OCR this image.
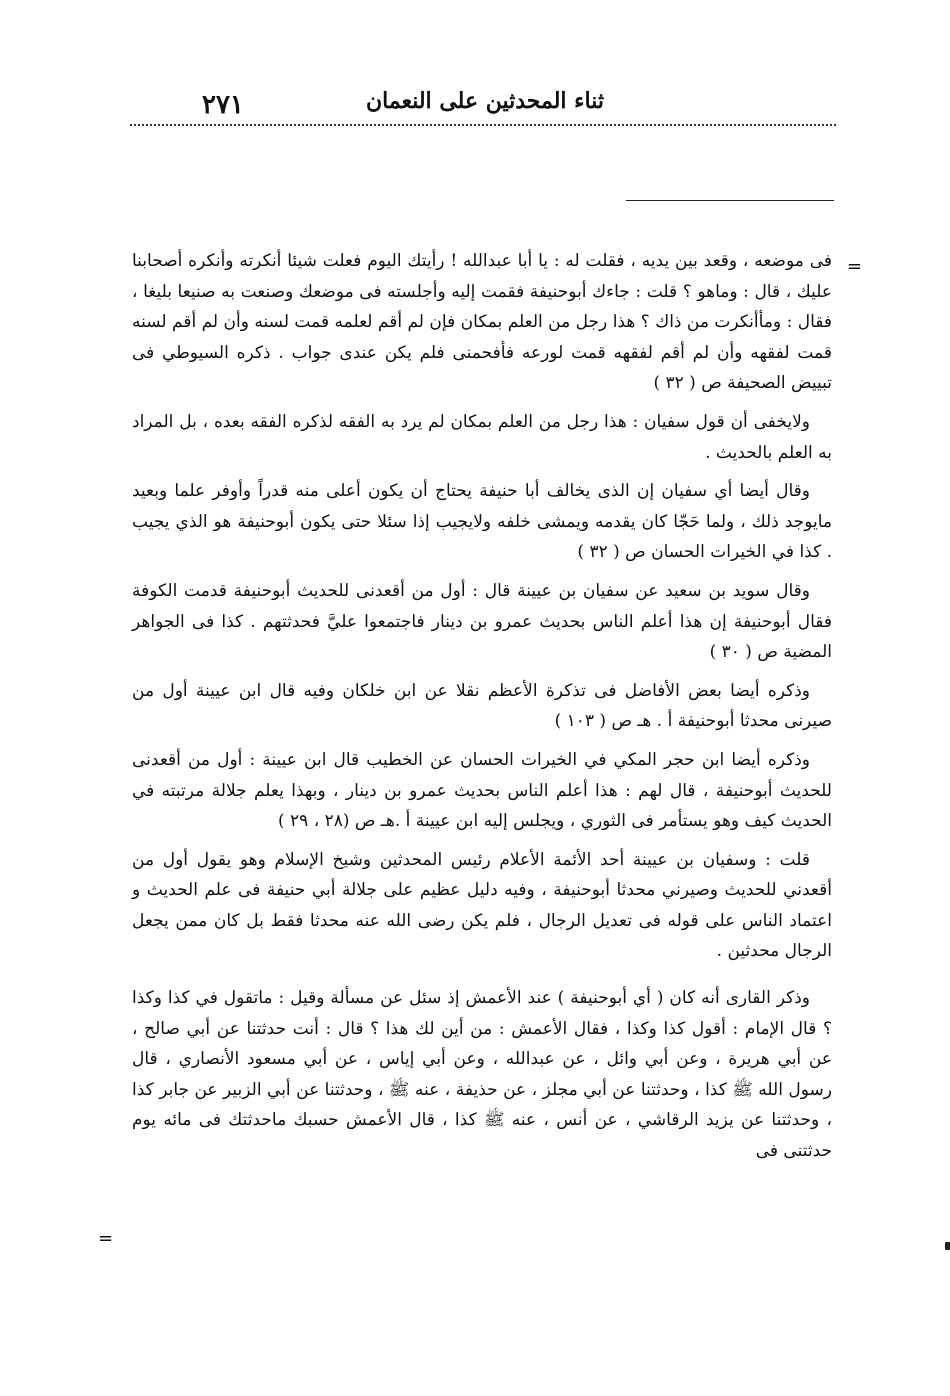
ثناء المحدثين على النعمان
٢٧١
=

فى موضعه ، وقعد بين يديه ، فقلت له : يا أبا عبدالله ! رأيتك اليوم فعلت شيئا أنكرته وأنكره أصحابنا عليك ، قال : وماهو ؟ قلت : جاءك أبوحنيفة فقمت إليه وأجلسته فى موضعك وصنعت به صنيعا بليغا ، فقال : ومأأنكرت من ذاك ؟ هذا رجل من العلم بمكان فإن لم أقم لعلمه قمت لسنه وأن لم أقم لسنه قمت لفقهه وأن لم أقم لفقهه قمت لورعه فأفحمنى فلم يكن عندى جواب . ذكره السيوطي فى تبييض الصحيفة ص ( ٣٢ )

ولايخفى أن قول سفيان : هذا رجل من العلم بمكان لم يرد به الفقه لذكره الفقه بعده ، بل المراد به العلم بالحديث .

وقال أيضا أي سفيان إن الذى يخالف أبا حنيفة يحتاج أن يكون أعلى منه قدراً وأوفر علما وبعيد مايوجد ذلك ، ولما حَجّا كان يقدمه ويمشى خلفه ولايجيب إذا سئلا حتى يكون أبوحنيفة هو الذي يجيب . كذا في الخيرات الحسان ص ( ٣٢ )

وقال سويد بن سعيد عن سفيان بن عيينة قال : أول من أقعدنى للحديث أبوحنيفة قدمت الكوفة فقال أبوحنيفة إن هذا أعلم الناس بحديث عمرو بن دينار فاجتمعوا عليَّ فحدثتهم . كذا فى الجواهر المضية ص ( ٣٠ )

وذكره أيضا بعض الأفاضل فى تذكرة الأعظم نقلا عن ابن خلكان وفيه قال ابن عيينة أول من صيرنى محدثا أبوحنيفة أ . هـ ص ( ١٠٣ )

وذكره أيضا ابن حجر المكي في الخيرات الحسان عن الخطيب قال ابن عيينة : أول من أقعدنى للحديث أبوحنيفة ، قال لهم : هذا أعلم الناس بحديث عمرو بن دينار ، وبهذا يعلم جلالة مرتبته في الحديث كيف وهو يستأمر فى الثوري ، ويجلس إليه ابن عيينة أ .هـ ص (٢٨ ، ٢٩ )

قلت : وسفيان بن عيينة أحد الأئمة الأعلام رئيس المحدثين وشيخ الإسلام وهو يقول أول من أقعدني للحديث وصيرني محدثا أبوحنيفة ، وفيه دليل عظيم على جلالة أبي حنيفة فى علم الحديث و اعتماد الناس على قوله فى تعديل الرجال ، فلم يكن رضى الله عنه محدثا فقط بل كان ممن يجعل الرجال محدثين .

وذكر القارى أنه كان ( أي أبوحنيفة ) عند الأعمش إذ سئل عن مسألة وقيل : ماتقول في كذا وكذا ؟ قال الإمام : أقول كذا وكذا ، فقال الأعمش : من أين لك هذا ؟ قال : أنت حدثتنا عن أبي صالح ، عن أبي هريرة ، وعن أبي وائل ، عن عبدالله ، وعن أبي إياس ، عن أبي مسعود الأنصاري ، قال رسول الله ﷺ كذا ، وحدثتنا عن أبي مجلز ، عن حذيفة ، عنه ﷺ ، وحدثتنا عن أبي الزبير عن جابر كذا ، وحدثتنا عن يزيد الرقاشي ، عن أنس ، عنه ﷺ كذا ، قال الأعمش حسبك ماحدثتك فى مائه يوم حدثتنى فى

=
